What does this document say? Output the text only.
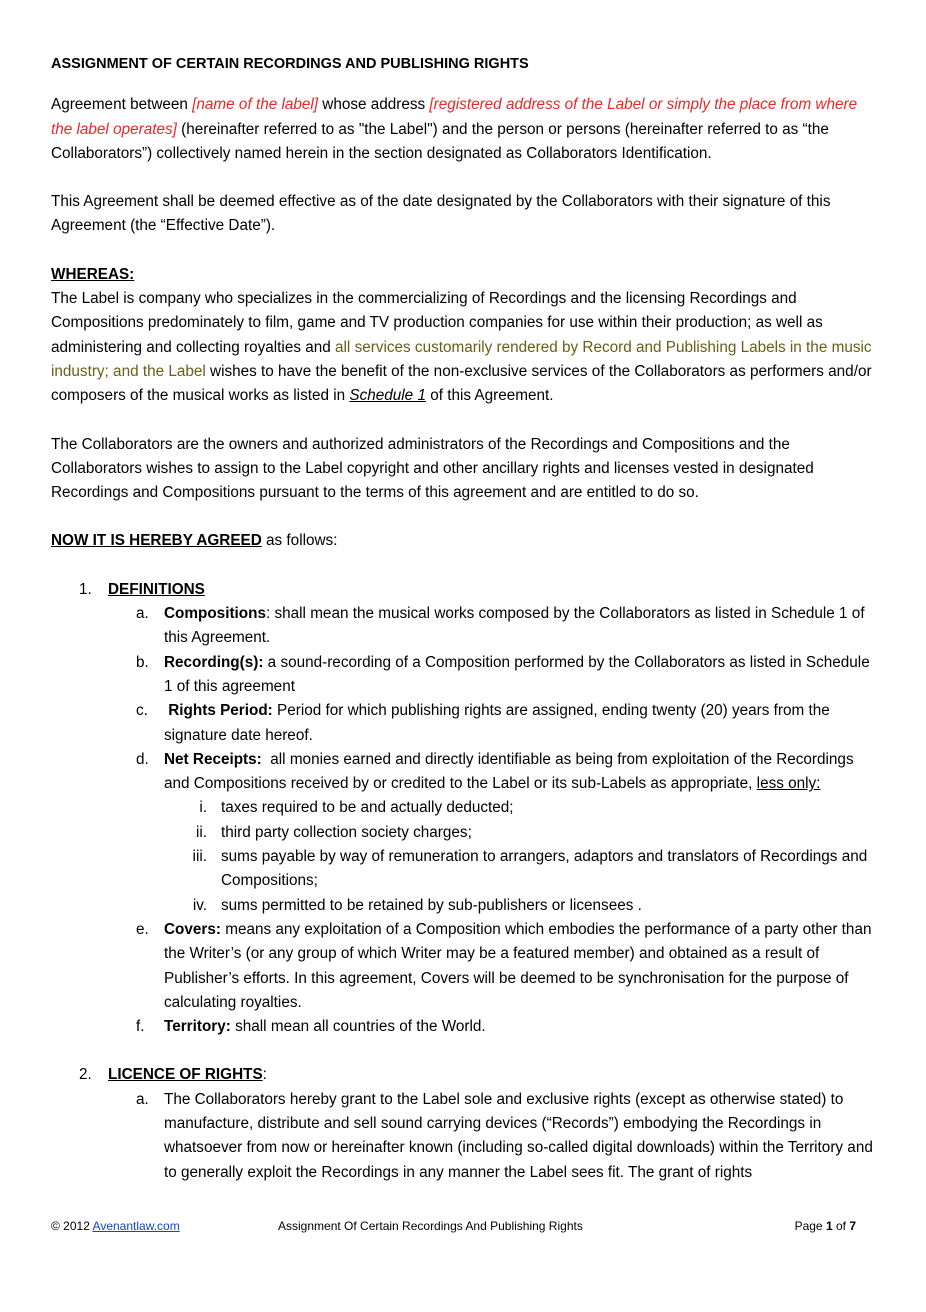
ASSIGNMENT OF CERTAIN RECORDINGS AND PUBLISHING RIGHTS

Agreement between [name of the label] whose address [registered address of the Label or simply the place from where the label operates] (hereinafter referred to as "the Label") and the person or persons (hereinafter referred to as “the Collaborators”) collectively named herein in the section designated as Collaborators Identification.

This Agreement shall be deemed effective as of the date designated by the Collaborators with their signature of this Agreement (the “Effective Date”).

WHEREAS:

The Label is company who specializes in the commercializing of Recordings and the licensing Recordings and Compositions predominately to film, game and TV production companies for use within their production; as well as administering and collecting royalties and all services customarily rendered by Record and Publishing Labels in the music industry; and the Label wishes to have the benefit of the non-exclusive services of the Collaborators as performers and/or composers of the musical works as listed in Schedule 1 of this Agreement.

The Collaborators are the owners and authorized administrators of the Recordings and Compositions and the Collaborators wishes to assign to the Label copyright and other ancillary rights and licenses vested in designated Recordings and Compositions pursuant to the terms of this agreement and are entitled to do so.

NOW IT IS HEREBY AGREED as follows:

1.	DEFINITIONS
a. Compositions: shall mean the musical works composed by the Collaborators as listed in Schedule 1 of this Agreement.
b. Recording(s): a sound-recording of a Composition performed by the Collaborators as listed in Schedule 1 of this agreement
c.	Rights Period: Period for which publishing rights are assigned, ending twenty (20) years from the signature date hereof.
d. Net Receipts:  all monies earned and directly identifiable as being from exploitation of the Recordings and Compositions received by or credited to the Label or its sub-Labels as appropriate, less only:
i. taxes required to be and actually deducted;
ii. third party collection society charges;
iii. sums payable by way of remuneration to arrangers, adaptors and translators of Recordings and Compositions;
iv. sums permitted to be retained by sub-publishers or licensees .
e. Covers: means any exploitation of a Composition which embodies the performance of a party other than the Writer’s (or any group of which Writer may be a featured member) and obtained as a result of Publisher’s efforts. In this agreement, Covers will be deemed to be synchronisation for the purpose of calculating royalties.
f.	Territory: shall mean all countries of the World.
2.	LICENCE OF RIGHTS:
a. The Collaborators hereby grant to the Label sole and exclusive rights (except as otherwise stated) to manufacture, distribute and sell sound carrying devices (“Records”) embodying the Recordings in whatsoever from now or hereinafter known (including so-called digital downloads) within the Territory and to generally exploit the Recordings in any manner the Label sees fit. The grant of rights
© 2012 Avenantlaw.com	Assignment Of Certain Recordings And Publishing Rights	Page 1 of 7
